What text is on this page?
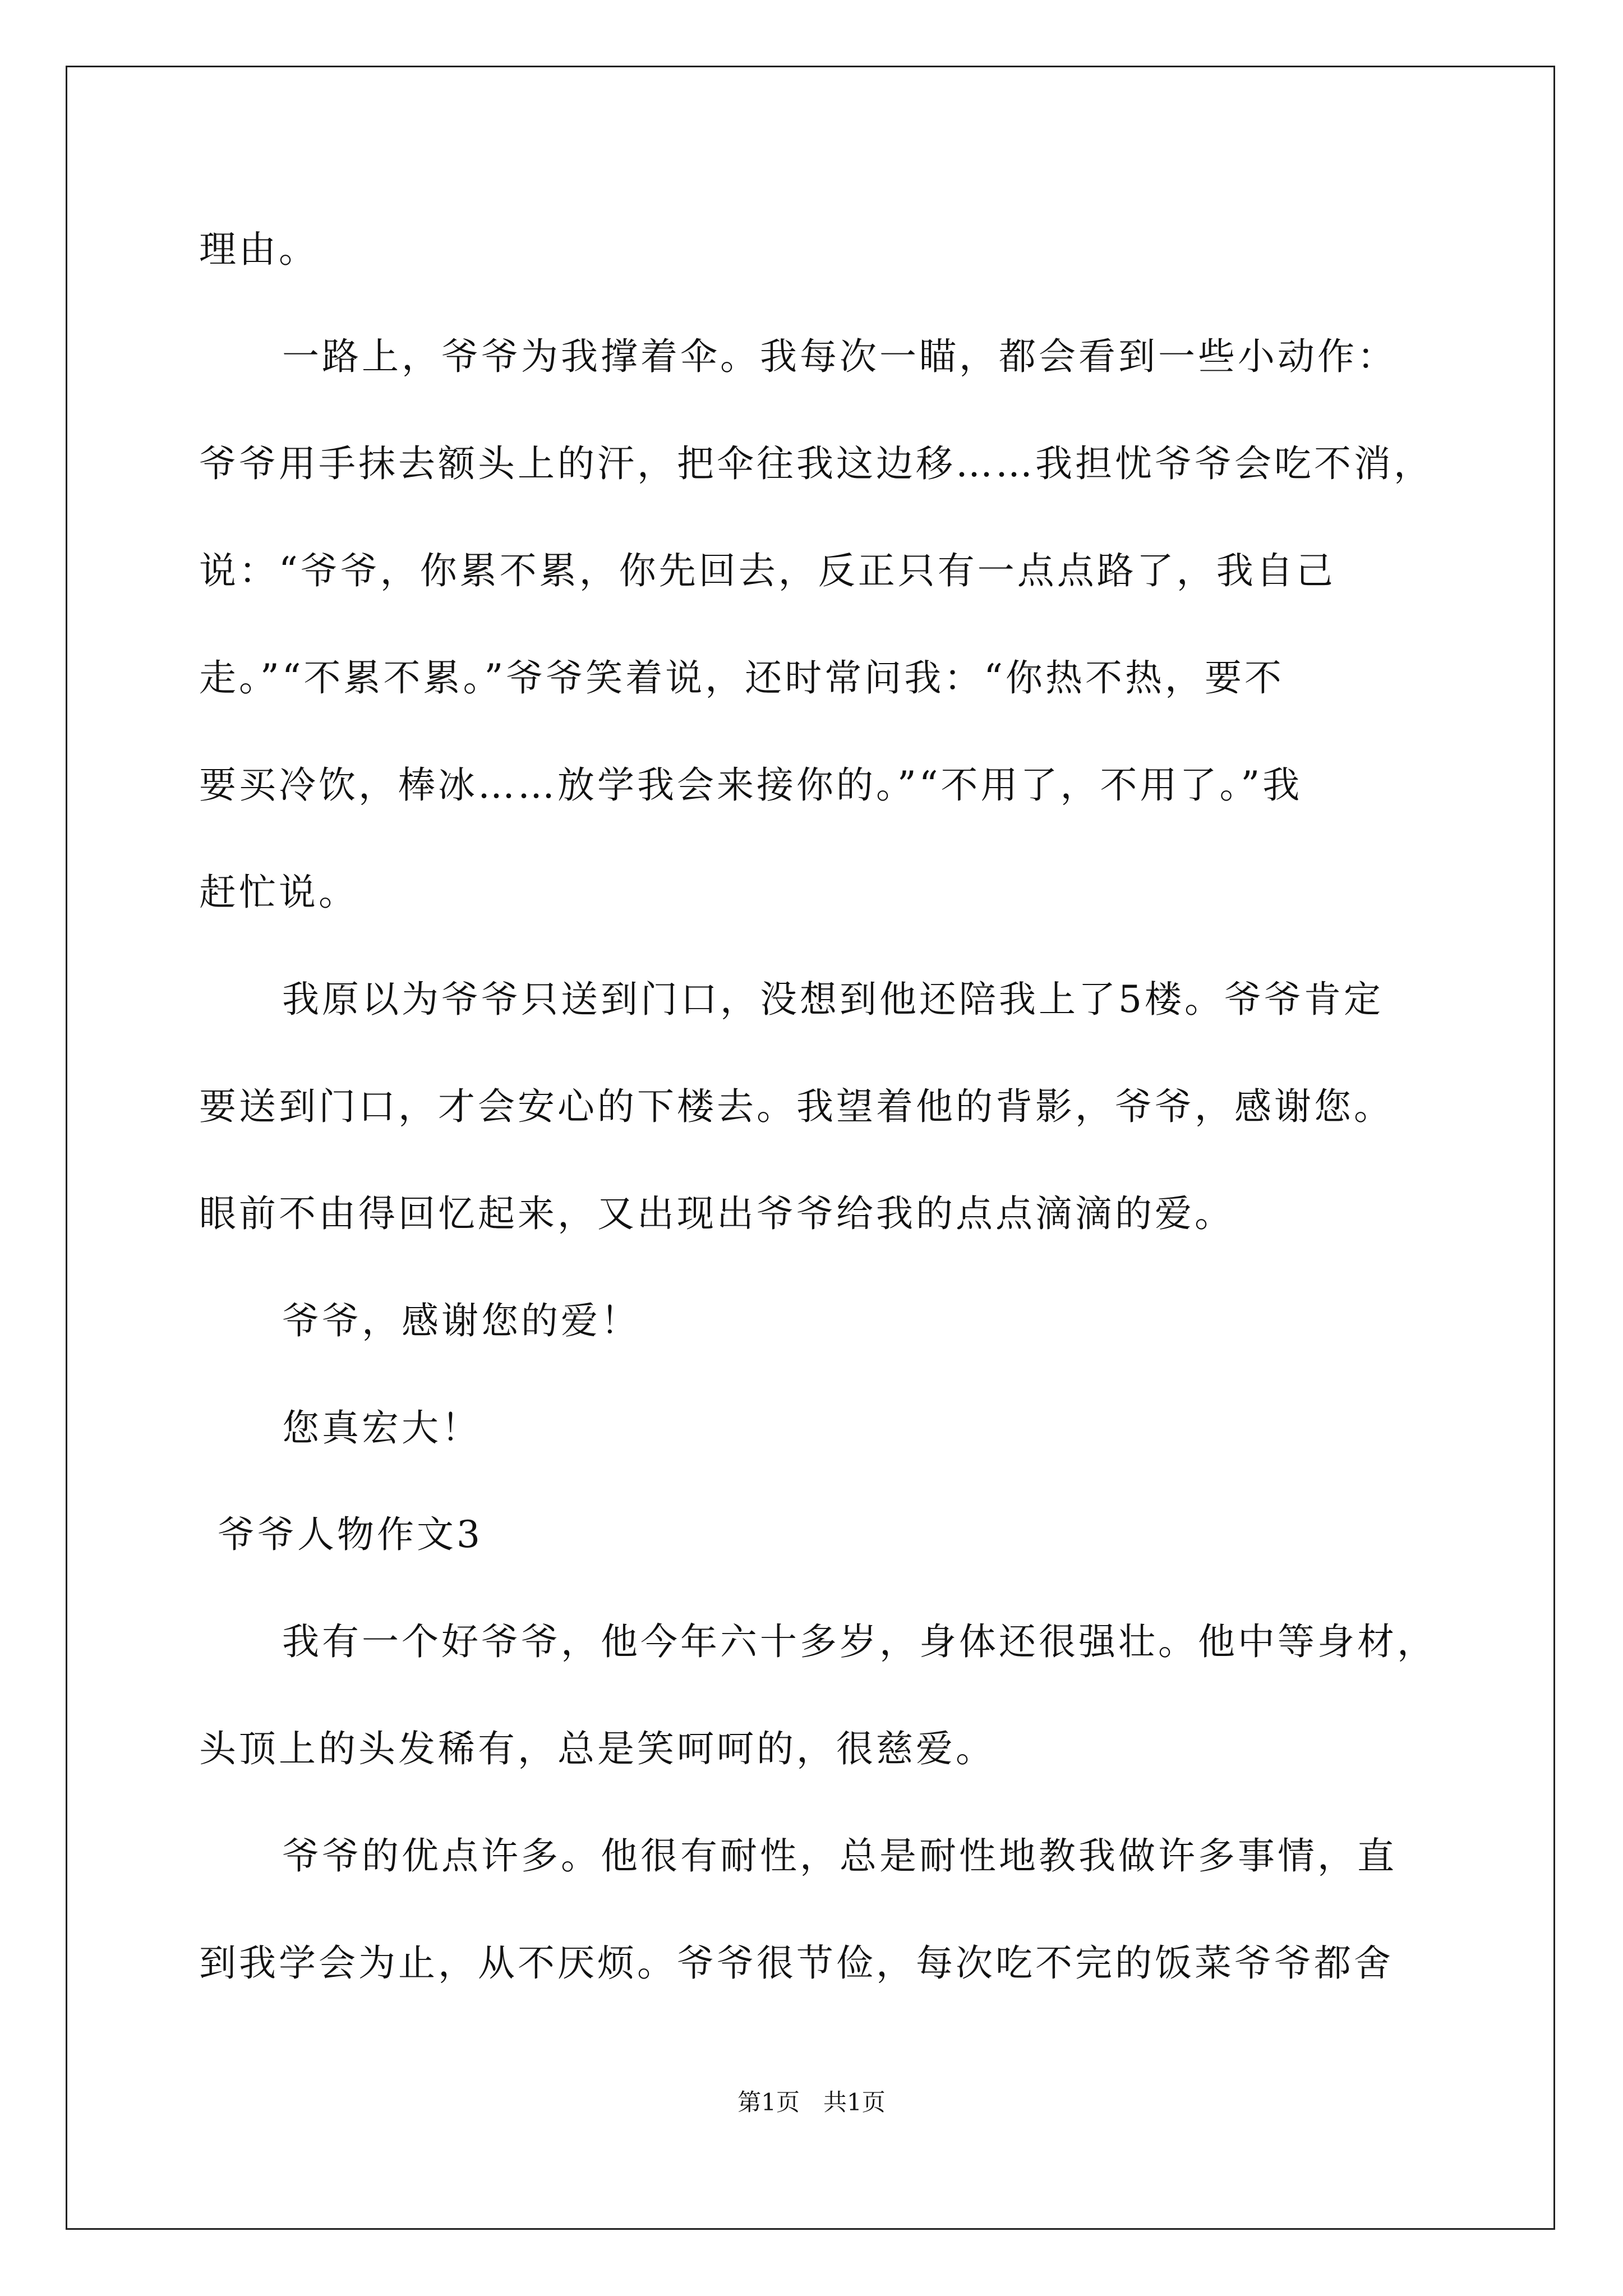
理由。
一路上，爷爷为我撑着伞。我每次一瞄，都会看到一些小动作：
爷爷用手抹去额头上的汗，把伞往我这边移……我担忧爷爷会吃不消，
说：“爷爷，你累不累，你先回去，反正只有一点点路了，我自己
走。”“不累不累。”爷爷笑着说，还时常问我：“你热不热，要不
要买冷饮，棒冰……放学我会来接你的。”“不用了，不用了。”我
赶忙说。
我原以为爷爷只送到门口，没想到他还陪我上了5楼。爷爷肯定
要送到门口，才会安心的下楼去。我望着他的背影，爷爷，感谢您。
眼前不由得回忆起来，又出现出爷爷给我的点点滴滴的爱。
爷爷，感谢您的爱！
您真宏大！
爷爷人物作文3
我有一个好爷爷，他今年六十多岁，身体还很强壮。他中等身材，
头顶上的头发稀有，总是笑呵呵的，很慈爱。
爷爷的优点许多。他很有耐性，总是耐性地教我做许多事情，直
到我学会为止，从不厌烦。爷爷很节俭，每次吃不完的饭菜爷爷都舍
第1页　共1页
